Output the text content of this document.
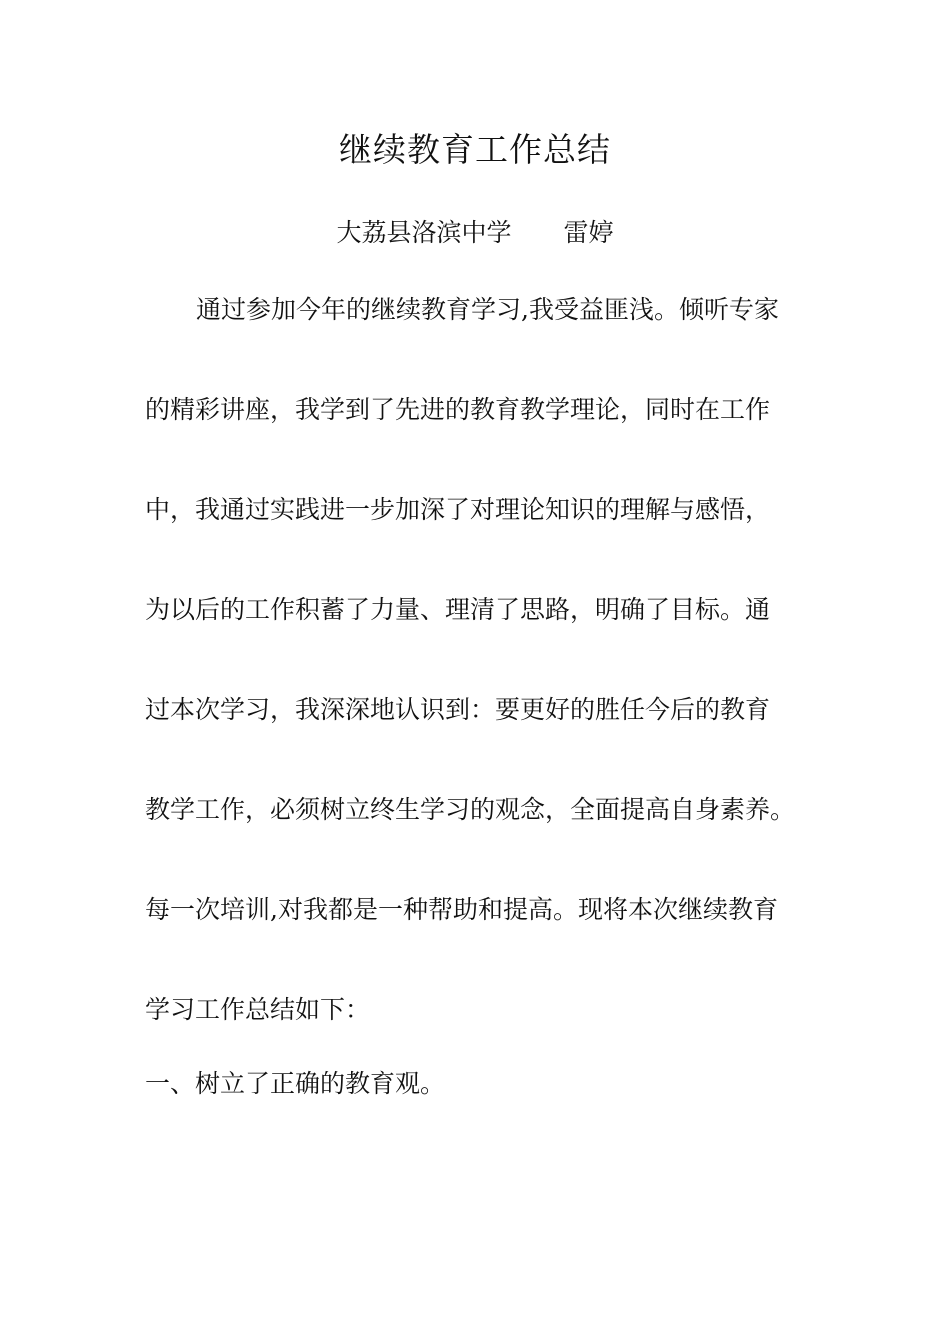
继续教育工作总结
大荔县洛滨中学 雷婷

通过参加今年的继续教育学习,我受益匪浅。倾听专家

的精彩讲座，我学到了先进的教育教学理论，同时在工作

中，我通过实践进一步加深了对理论知识的理解与感悟，

为以后的工作积蓄了力量、理清了思路，明确了目标。通

过本次学习，我深深地认识到：要更好的胜任今后的教育

教学工作，必须树立终生学习的观念，全面提高自身素养。

每一次培训,对我都是一种帮助和提高。现将本次继续教育

学习工作总结如下：

一、树立了正确的教育观。
